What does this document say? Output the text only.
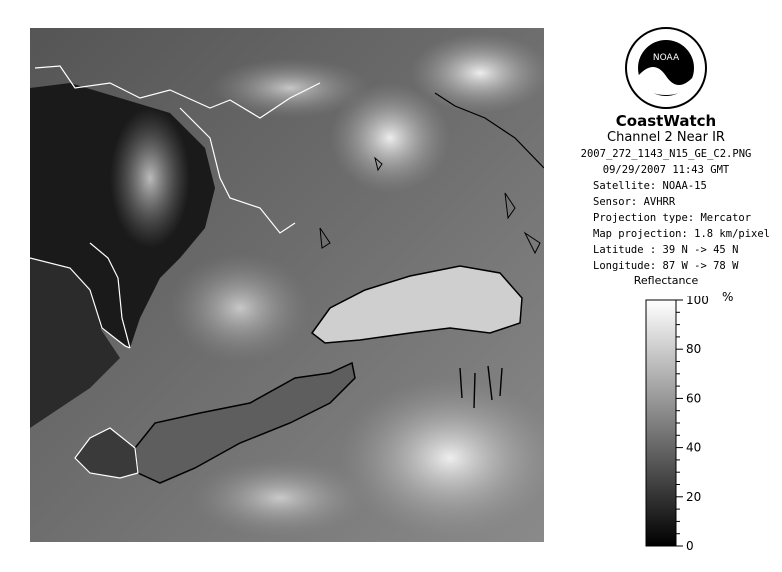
NOAA
CoastWatch
Channel 2 Near IR
2007_272_1143_N15_GE_C2.PNG
09/29/2007 11:43 GMT
Satellite: NOAA-15
Sensor: AVHRR
Projection type: Mercator
Map projection: 1.8 km/pixel
Latitude : 39 N -> 45 N
Longitude: 87 W -> 78 W
Reflectance
%
100
80
60
40
20
0
